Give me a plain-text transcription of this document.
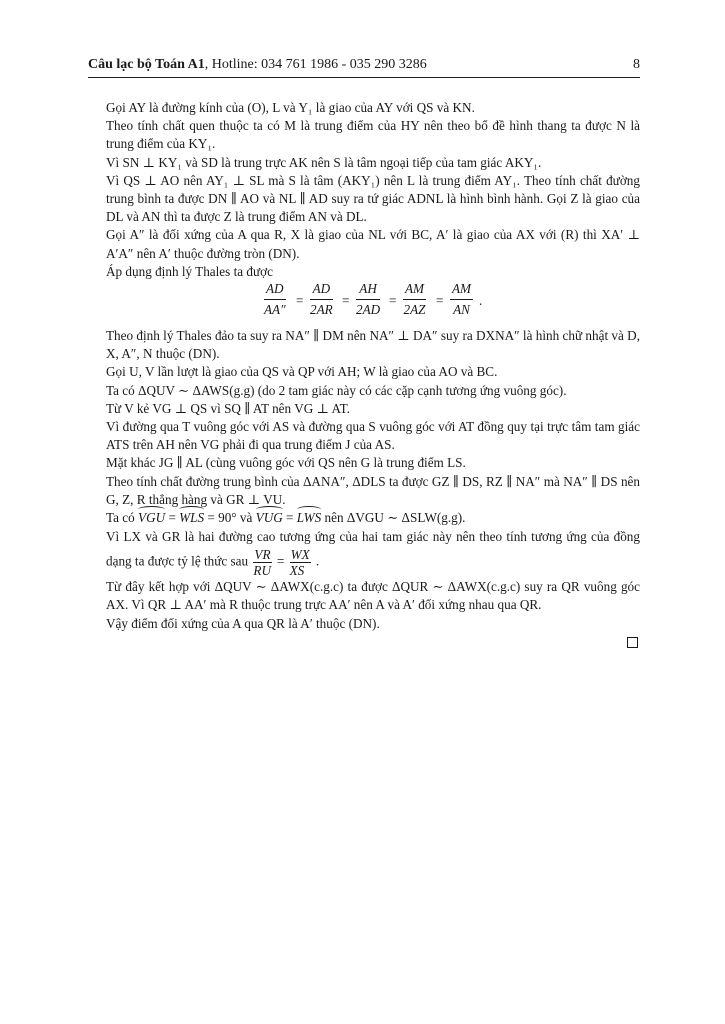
Câu lạc bộ Toán A1, Hotline: 034 761 1986 - 035 290 3286	8

Gọi AY là đường kính của (O), L và Y₁ là giao của AY với QS và KN.

Theo tính chất quen thuộc ta có M là trung điểm của HY nên theo bổ đề hình thang ta được N là trung điểm của KY₁.

Vì SN ⊥ KY₁ và SD là trung trực AK nên S là tâm ngoại tiếp của tam giác AKY₁.

Vì QS ⊥ AO nên AY₁ ⊥ SL mà S là tâm (AKY₁) nên L là trung điểm AY₁. Theo tính chất đường trung bình ta được DN ∥ AO và NL ∥ AD suy ra tứ giác ADNL là hình bình hành. Gọi Z là giao của DL và AN thì ta được Z là trung điểm AN và DL.

Gọi A″ là đối xứng của A qua R, X là giao của NL với BC, A′ là giao của AX với (R) thì XA′ ⊥ A′A″ nên A′ thuộc đường tròn (DN).

Áp dụng định lý Thales ta được

$\frac{AD}{AA''} = \frac{AD}{2AR} = \frac{AH}{2AD} = \frac{AM}{2AZ} = \frac{AM}{AN}$ .

Theo định lý Thales đảo ta suy ra NA″ ∥ DM nên NA″ ⊥ DA″ suy ra DXNA″ là hình chữ nhật và D, X, A″, N thuộc (DN).

Gọi U, V lần lượt là giao của QS và QP với AH; W là giao của AO và BC.

Ta có ΔQUV ∼ ΔAWS(g.g) (do 2 tam giác này có các cặp cạnh tương ứng vuông góc).

Từ V kẻ VG ⊥ QS vì SQ ∥ AT nên VG ⊥ AT.

Vì đường qua T vuông góc với AS và đường qua S vuông góc với AT đồng quy tại trực tâm tam giác ATS trên AH nên VG phải đi qua trung điểm J của AS.

Mặt khác JG ∥ AL (cùng vuông góc với QS nên G là trung điểm LS.

Theo tính chất đường trung bình của ΔANA″, ΔDLS ta được GZ ∥ DS, RZ ∥ NA″ mà NA″ ∥ DS nên G, Z, R thẳng hàng và GR ⊥ VU.

Ta có VGU = WLS = 90° và VUG = LWS nên ΔVGU ∼ ΔSLW(g.g).

Vì LX và GR là hai đường cao tương ứng của hai tam giác này nên theo tính tương ứng của đồng dạng ta được tỷ lệ thức sau $\frac{VR}{RU} = \frac{WX}{XS}$ .

Từ đây kết hợp với ΔQUV ∼ ΔAWX(c.g.c) ta được ΔQUR ∼ ΔAWX(c.g.c) suy ra QR vuông góc AX. Vì QR ⊥ AA′ mà R thuộc trung trực AA′ nên A và A′ đối xứng nhau qua QR.

Vậy điểm đối xứng của A qua QR là A′ thuộc (DN).
